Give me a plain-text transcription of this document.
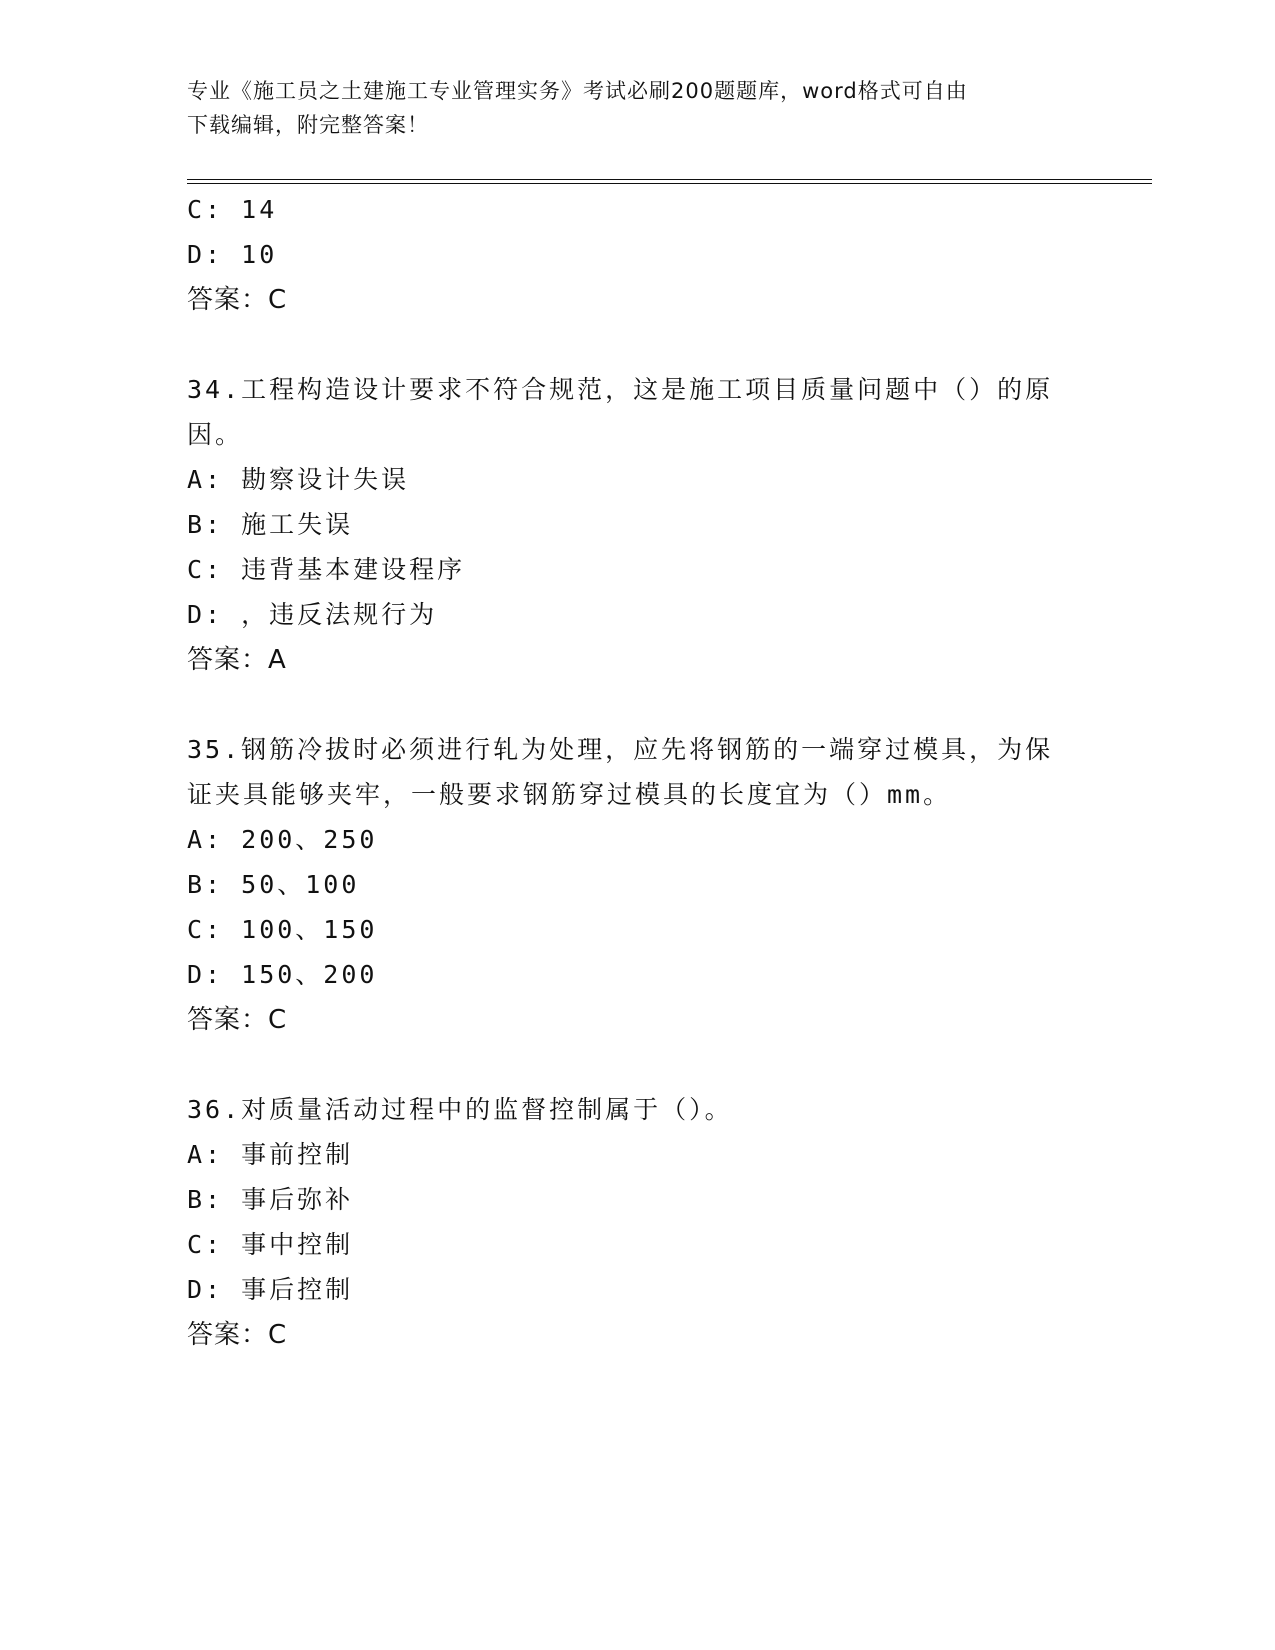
专业《施工员之土建施工专业管理实务》考试必刷200题题库，word格式可自由
下载编辑，附完整答案！
C: 14
D: 10
答案：C
34.工程构造设计要求不符合规范，这是施工项目质量问题中（）的原
因。
A: 勘察设计失误
B: 施工失误
C: 违背基本建设程序
D: ，违反法规行为
答案：A
35.钢筋冷拔时必须进行轧为处理，应先将钢筋的一端穿过模具，为保
证夹具能够夹牢，一般要求钢筋穿过模具的长度宜为（）mm。
A: 200、250
B: 50、100
C: 100、150
D: 150、200
答案：C
36.对质量活动过程中的监督控制属于（）。
A: 事前控制
B: 事后弥补
C: 事中控制
D: 事后控制
答案：C
